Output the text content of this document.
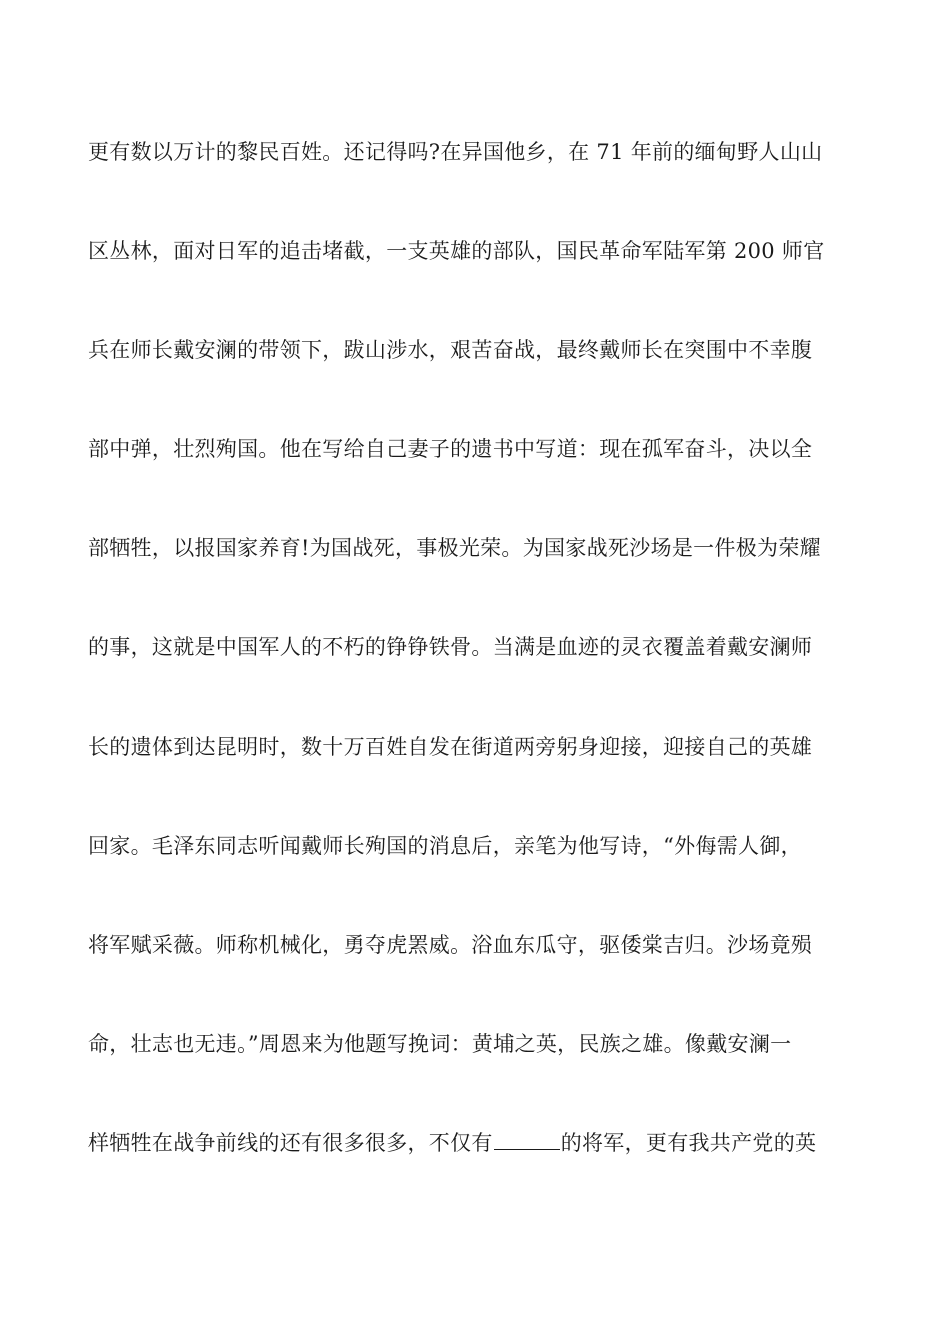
更有数以万计的黎民百姓。还记得吗?在异国他乡，在 71 年前的缅甸野人山山
区丛林，面对日军的追击堵截，一支英雄的部队，国民革命军陆军第 200 师官
兵在师长戴安澜的带领下，跋山涉水，艰苦奋战，最终戴师长在突围中不幸腹
部中弹，壮烈殉国。他在写给自己妻子的遗书中写道：现在孤军奋斗，决以全
部牺牲，以报国家养育!为国战死，事极光荣。为国家战死沙场是一件极为荣耀
的事，这就是中国军人的不朽的铮铮铁骨。当满是血迹的灵衣覆盖着戴安澜师
长的遗体到达昆明时，数十万百姓自发在街道两旁躬身迎接，迎接自己的英雄
回家。毛泽东同志听闻戴师长殉国的消息后，亲笔为他写诗，“外侮需人御，
将军赋采薇。师称机械化，勇夺虎罴威。浴血东瓜守，驱倭棠吉归。沙场竟殒
命，壮志也无违。”周恩来为他题写挽词：黄埔之英，民族之雄。像戴安澜一
样牺牲在战争前线的还有很多很多，不仅有	的将军，更有我共产党的英
